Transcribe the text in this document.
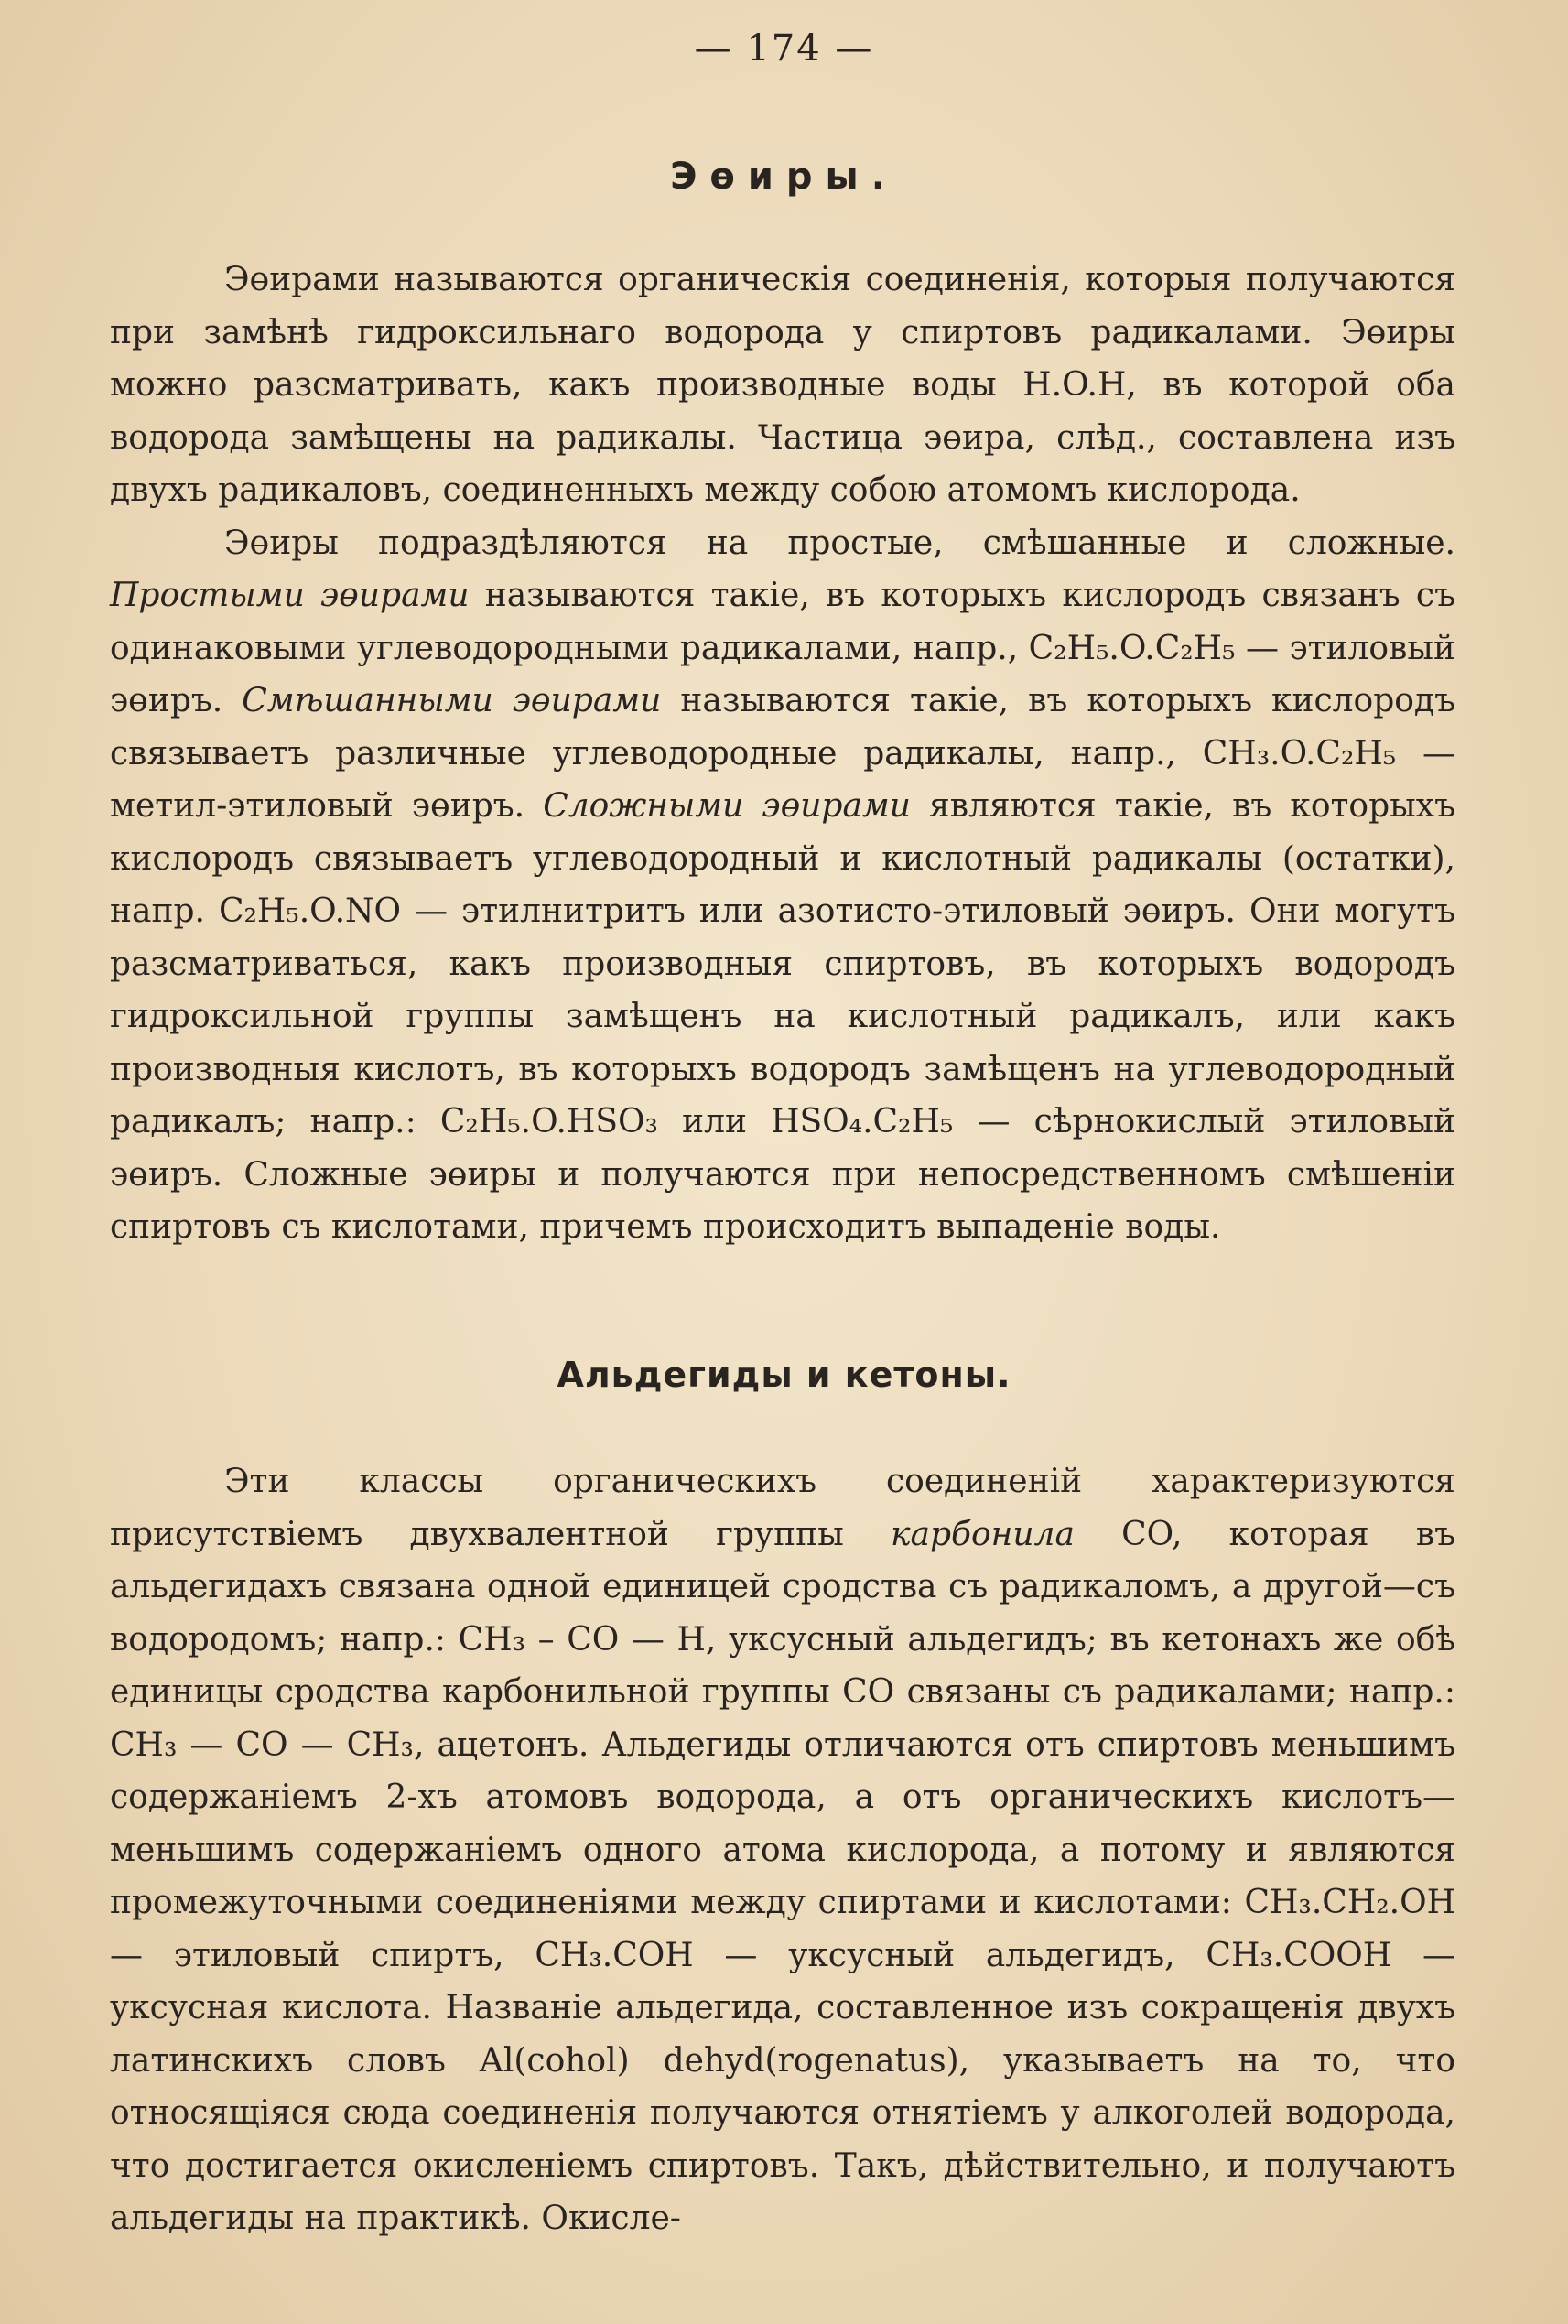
— 174 —
Эөиры.

Эөирами называются органическія соединенія, которыя получаются при замѣнѣ гидроксильнаго водорода у спиртовъ радикалами. Эөиры можно разсматривать, какъ производные воды H.O.H, въ которой оба водорода замѣщены на радикалы. Частица эөира, слѣд., составлена изъ двухъ радикаловъ, соединенныхъ между собою атомомъ кислорода.

Эөиры подраздѣляются на простые, смѣшанные и сложные. Простыми эөирами называются такіе, въ которыхъ кислородъ связанъ съ одинаковыми углеводородными радикалами, напр., C₂H₅.O.C₂H₅ — этиловый эөиръ. Смѣшанными эөирами называются такіе, въ которыхъ кислородъ связываетъ различные углеводородные радикалы, напр., CH₃.O.C₂H₅ — метил-этиловый эөиръ. Сложными эөирами являются такіе, въ которыхъ кислородъ связываетъ углеводородный и кислотный радикалы (остатки), напр. C₂H₅.O.NO — этилнитритъ или азотисто-этиловый эөиръ. Они могутъ разсматриваться, какъ производныя спиртовъ, въ которыхъ водородъ гидроксильной группы замѣщенъ на кислотный радикалъ, или какъ производныя кислотъ, въ которыхъ водородъ замѣщенъ на углеводородный радикалъ; напр.: C₂H₅.O.HSO₃ или HSO₄.C₂H₅ — сѣрнокислый этиловый эөиръ. Сложные эөиры и получаются при непосредственномъ смѣшеніи спиртовъ съ кислотами, причемъ происходитъ выпаденіе воды.

Альдегиды и кетоны.

Эти классы органическихъ соединеній характеризуются присутствіемъ двухвалентной группы карбонила CO, которая въ альдегидахъ связана одной единицей сродства съ радикаломъ, а другой—съ водородомъ; напр.: CH₃ – CO — H, уксусный альдегидъ; въ кетонахъ же обѣ единицы сродства карбонильной группы CO связаны съ радикалами; напр.: CH₃ — CO — CH₃, ацетонъ. Альдегиды отличаются отъ спиртовъ меньшимъ содержаніемъ 2-хъ атомовъ водорода, а отъ органическихъ кислотъ—меньшимъ содержаніемъ одного атома кислорода, а потому и являются промежуточными соединеніями между спиртами и кислотами: CH₃.CH₂.OH — этиловый спиртъ, CH₃.COH — уксусный альдегидъ, CH₃.COOH — уксусная кислота. Названіе альдегида, составленное изъ сокращенія двухъ латинскихъ словъ Al(cohol) dehyd(rogenatus), указываетъ на то, что относящіяся сюда соединенія получаются отнятіемъ у алкоголей водорода, что достигается окисленіемъ спиртовъ. Такъ, дѣйствительно, и получаютъ альдегиды на практикѣ. Окисле-
